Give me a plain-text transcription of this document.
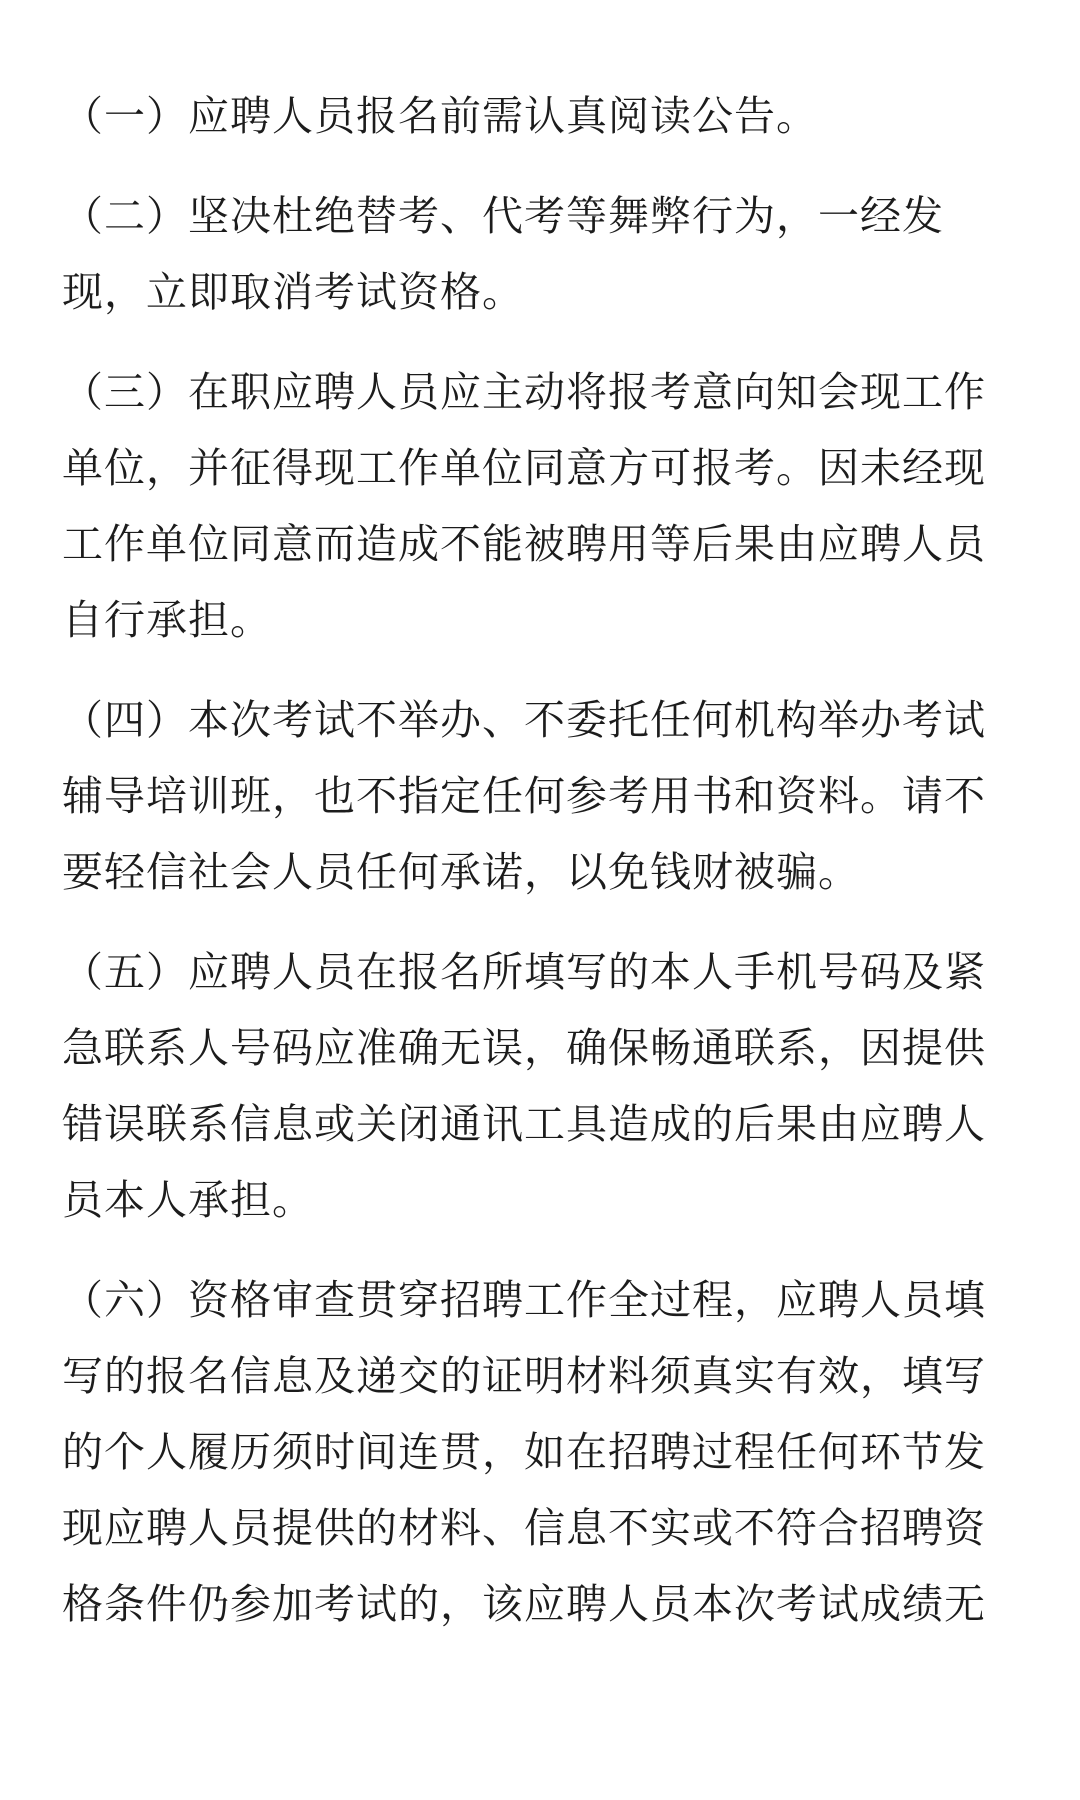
（一）应聘人员报名前需认真阅读公告。

（二）坚决杜绝替考、代考等舞弊行为，一经发
现，立即取消考试资格。

（三）在职应聘人员应主动将报考意向知会现工作
单位，并征得现工作单位同意方可报考。因未经现
工作单位同意而造成不能被聘用等后果由应聘人员
自行承担。

（四）本次考试不举办、不委托任何机构举办考试
辅导培训班，也不指定任何参考用书和资料。请不
要轻信社会人员任何承诺，以免钱财被骗。

（五）应聘人员在报名所填写的本人手机号码及紧
急联系人号码应准确无误，确保畅通联系，因提供
错误联系信息或关闭通讯工具造成的后果由应聘人
员本人承担。

（六）资格审查贯穿招聘工作全过程，应聘人员填
写的报名信息及递交的证明材料须真实有效，填写
的个人履历须时间连贯，如在招聘过程任何环节发
现应聘人员提供的材料、信息不实或不符合招聘资
格条件仍参加考试的，该应聘人员本次考试成绩无
